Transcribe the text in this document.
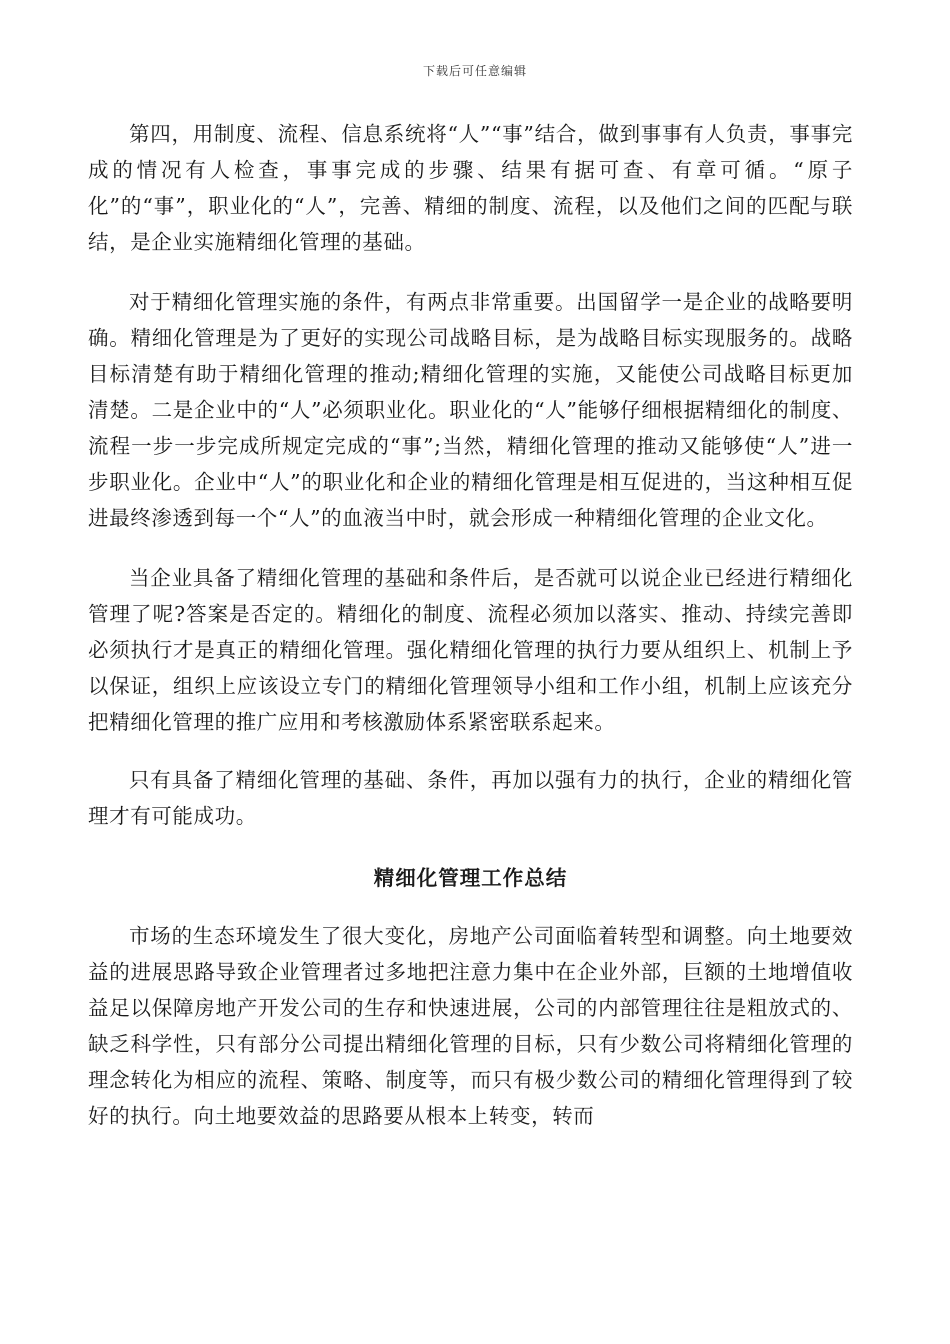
下载后可任意编辑

第四，用制度、流程、信息系统将“人”“事”结合，做到事事有人负责，事事完成的情况有人检查，事事完成的步骤、结果有据可查、有章可循。“原子化”的“事”，职业化的“人”，完善、精细的制度、流程，以及他们之间的匹配与联结，是企业实施精细化管理的基础。

对于精细化管理实施的条件，有两点非常重要。出国留学一是企业的战略要明确。精细化管理是为了更好的实现公司战略目标，是为战略目标实现服务的。战略目标清楚有助于精细化管理的推动;精细化管理的实施，又能使公司战略目标更加清楚。二是企业中的“人”必须职业化。职业化的“人”能够仔细根据精细化的制度、流程一步一步完成所规定完成的“事”;当然，精细化管理的推动又能够使“人”进一步职业化。企业中“人”的职业化和企业的精细化管理是相互促进的，当这种相互促进最终渗透到每一个“人”的血液当中时，就会形成一种精细化管理的企业文化。

当企业具备了精细化管理的基础和条件后，是否就可以说企业已经进行精细化管理了呢?答案是否定的。精细化的制度、流程必须加以落实、推动、持续完善即必须执行才是真正的精细化管理。强化精细化管理的执行力要从组织上、机制上予以保证，组织上应该设立专门的精细化管理领导小组和工作小组，机制上应该充分把精细化管理的推广应用和考核激励体系紧密联系起来。

只有具备了精细化管理的基础、条件，再加以强有力的执行，企业的精细化管理才有可能成功。

精细化管理工作总结

市场的生态环境发生了很大变化，房地产公司面临着转型和调整。向土地要效益的进展思路导致企业管理者过多地把注意力集中在企业外部，巨额的土地增值收益足以保障房地产开发公司的生存和快速进展，公司的内部管理往往是粗放式的、缺乏科学性，只有部分公司提出精细化管理的目标，只有少数公司将精细化管理的理念转化为相应的流程、策略、制度等，而只有极少数公司的精细化管理得到了较好的执行。向土地要效益的思路要从根本上转变，转而
